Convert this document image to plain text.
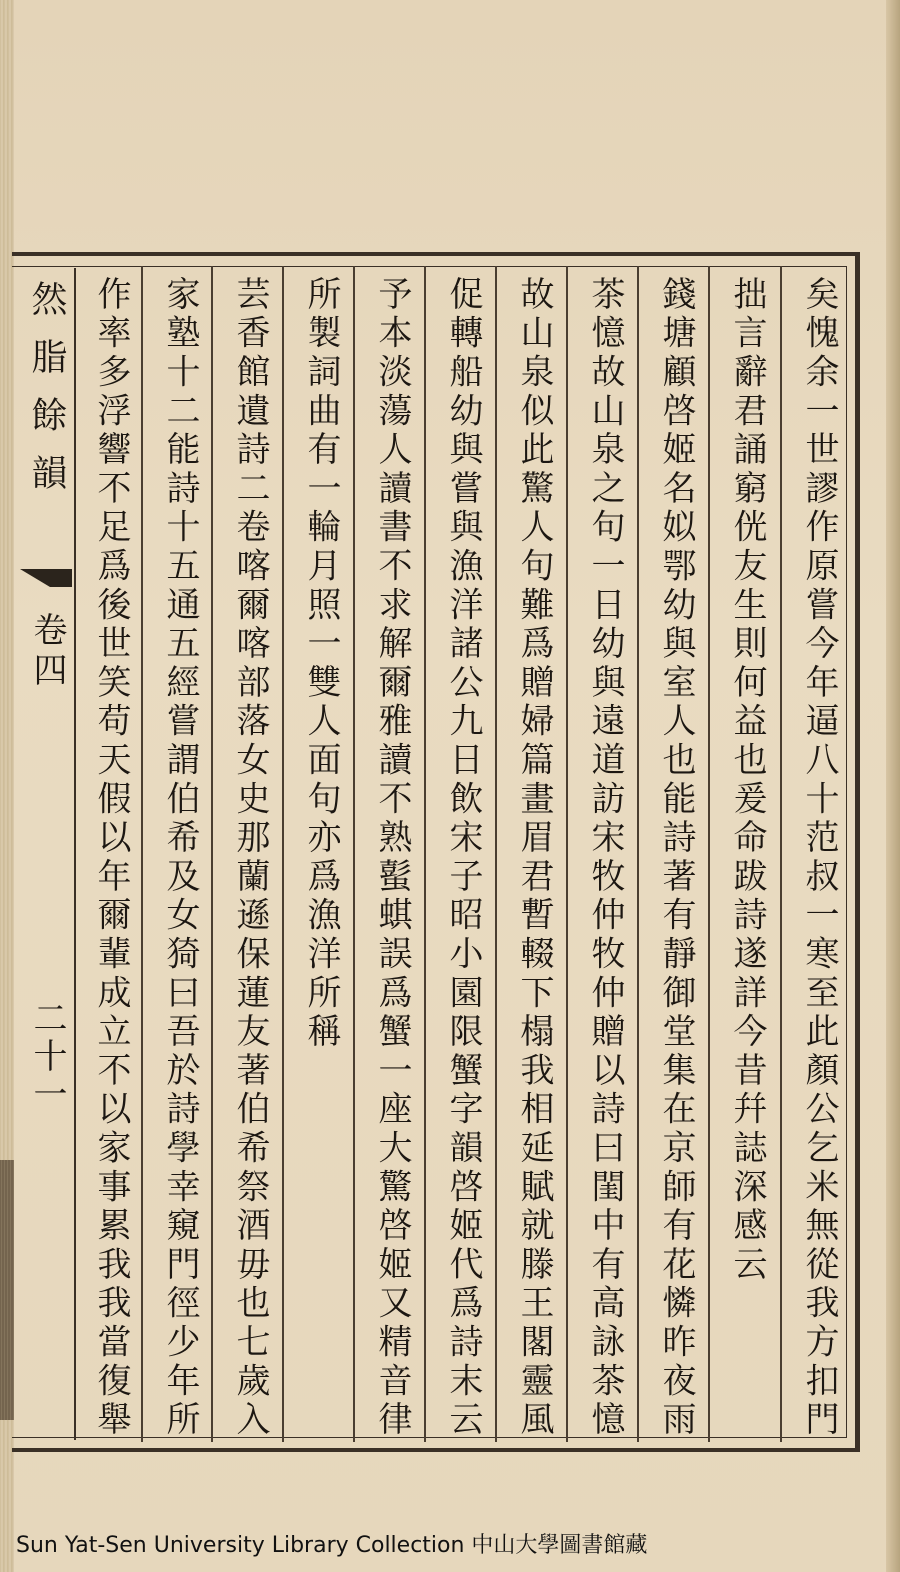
然脂餘韻
卷四
二十一	矣愧余一世謬作原嘗今年逼八十范叔一寒至此顏公乞米無從我方扣門
拙言辭君誦窮侊友生則何益也爰命跋詩遂詳今昔幷誌深感云
錢塘顧啓姬名姒鄂幼與室人也能詩著有靜御堂集在京師有花憐昨夜雨
茶憶故山泉之句一日幼與遠道訪宋牧仲牧仲贈以詩曰閨中有高詠茶憶
故山泉似此驚人句難爲贈婦篇畫眉君暫輟下榻我相延賦就滕王閣靈風
促轉船幼與嘗與漁洋諸公九日飲宋子昭小園限蟹字韻啓姬代爲詩末云
予本淡蕩人讀書不求解爾雅讀不熟蟚蜞誤爲蟹一座大驚啓姬又精音律
所製詞曲有一輪月照一雙人面句亦爲漁洋所稱
芸香館遺詩二卷喀爾喀部落女史那蘭遜保蓮友著伯希祭酒毋也七歲入
家塾十二能詩十五通五經嘗謂伯希及女猗曰吾於詩學幸窺門徑少年所
作率多浮響不足爲後世笑苟天假以年爾輩成立不以家事累我我當復舉
Sun Yat-Sen University Library Collection 中山大學圖書館藏
